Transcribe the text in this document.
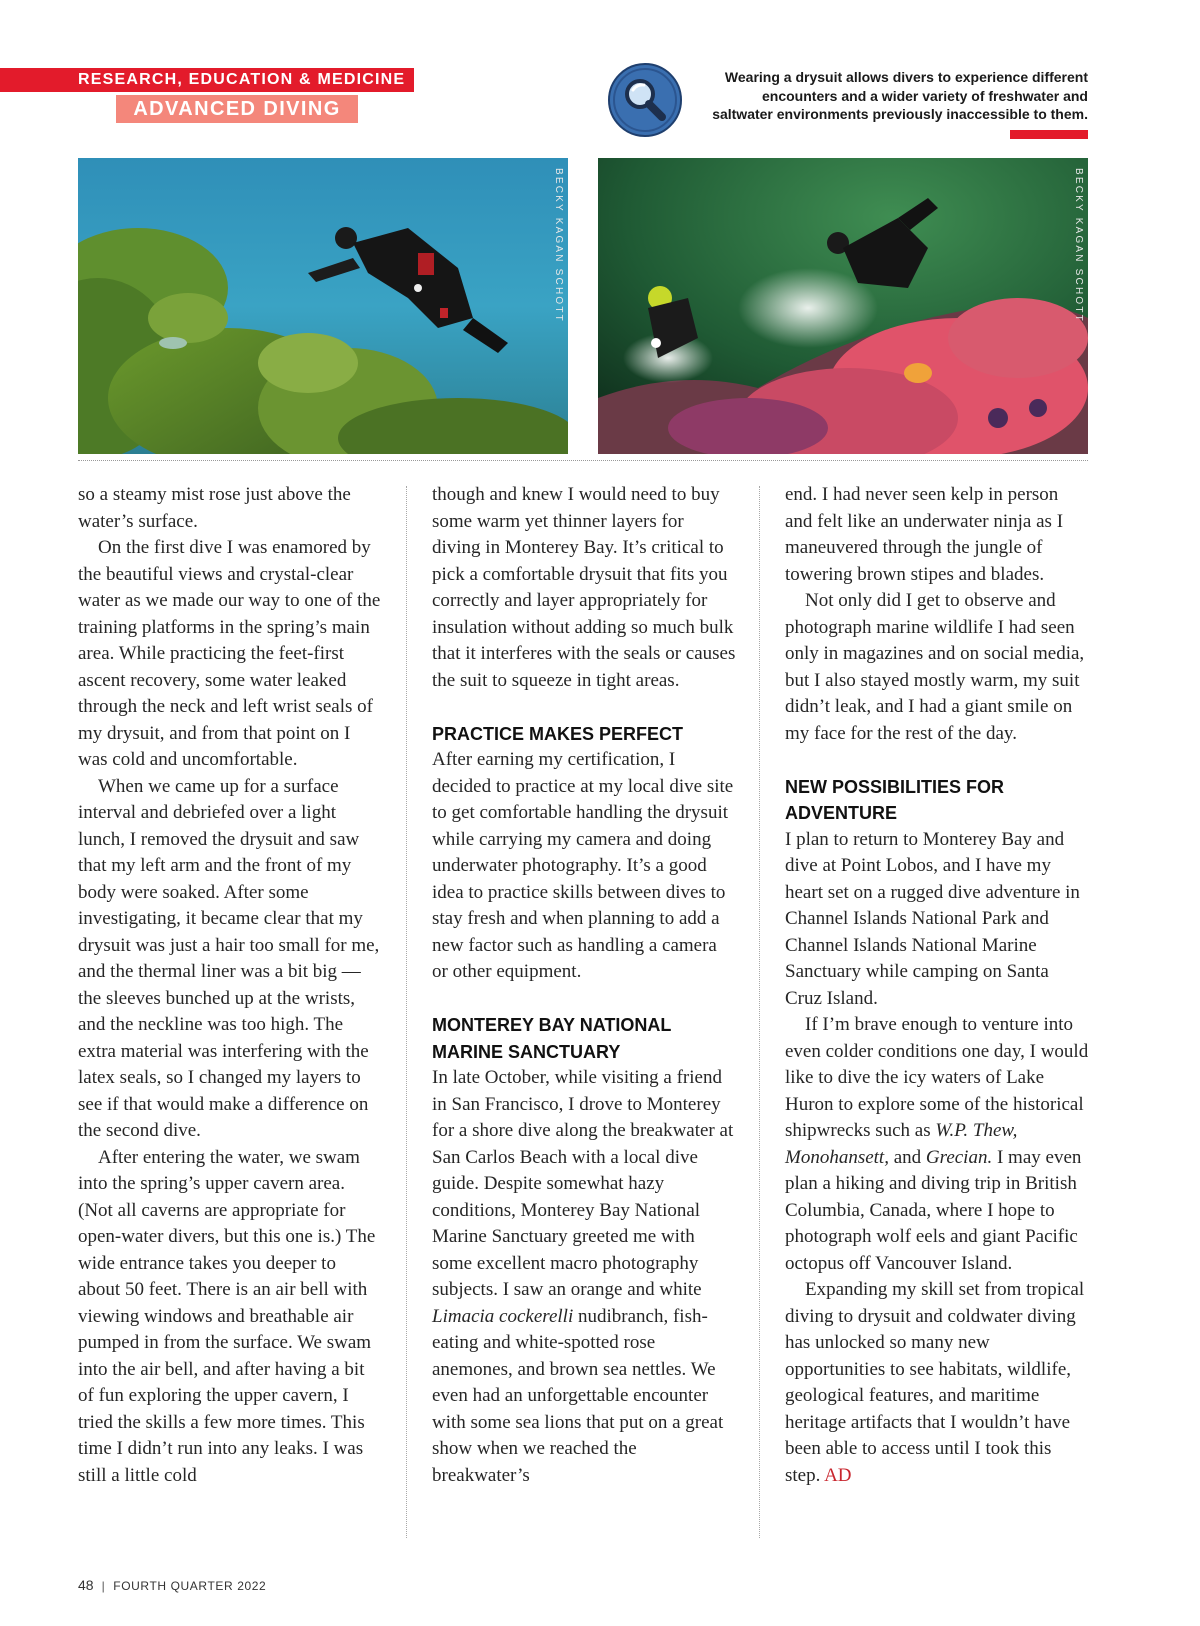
RESEARCH, EDUCATION & MEDICINE
ADVANCED DIVING
Wearing a drysuit allows divers to experience different encounters and a wider variety of freshwater and saltwater environments previously inaccessible to them.
BECKY KAGAN SCHOTT	BECKY KAGAN SCHOTT

so a steamy mist rose just above the water’s surface.

On the first dive I was enamored by the beautiful views and crystal-clear water as we made our way to one of the training platforms in the spring’s main area. While practicing the feet-first ascent recovery, some water leaked through the neck and left wrist seals of my drysuit, and from that point on I was cold and uncomfortable.

When we came up for a surface interval and debriefed over a light lunch, I removed the drysuit and saw that my left arm and the front of my body were soaked. After some investigating, it became clear that my drysuit was just a hair too small for me, and the thermal liner was a bit big — the sleeves bunched up at the wrists, and the neckline was too high. The extra material was interfering with the latex seals, so I changed my layers to see if that would make a difference on the second dive.

After entering the water, we swam into the spring’s upper cavern area. (Not all caverns are appropriate for open-water divers, but this one is.) The wide entrance takes you deeper to about 50 feet. There is an air bell with viewing windows and breathable air pumped in from the surface. We swam into the air bell, and after having a bit of fun exploring the upper cavern, I tried the skills a few more times. This time I didn’t run into any leaks. I was still a little cold

though and knew I would need to buy some warm yet thinner layers for diving in Monterey Bay. It’s critical to pick a comfortable drysuit that fits you correctly and layer appropriately for insulation without adding so much bulk that it interferes with the seals or causes the suit to squeeze in tight areas.

PRACTICE MAKES PERFECT

After earning my certification, I decided to practice at my local dive site to get comfortable handling the drysuit while carrying my camera and doing underwater photography. It’s a good idea to practice skills between dives to stay fresh and when planning to add a new factor such as handling a camera or other equipment.

MONTEREY BAY NATIONAL MARINE SANCTUARY

In late October, while visiting a friend in San Francisco, I drove to Monterey for a shore dive along the breakwater at San Carlos Beach with a local dive guide. Despite somewhat hazy conditions, Monterey Bay National Marine Sanctuary greeted me with some excellent macro photography subjects. I saw an orange and white Limacia cockerelli nudibranch, fish-eating and white-spotted rose anemones, and brown sea nettles. We even had an unforgettable encounter with some sea lions that put on a great show when we reached the breakwater’s

end. I had never seen kelp in person and felt like an underwater ninja as I maneuvered through the jungle of towering brown stipes and blades.

Not only did I get to observe and photograph marine wildlife I had seen only in magazines and on social media, but I also stayed mostly warm, my suit didn’t leak, and I had a giant smile on my face for the rest of the day.

NEW POSSIBILITIES FOR ADVENTURE

I plan to return to Monterey Bay and dive at Point Lobos, and I have my heart set on a rugged dive adventure in Channel Islands National Park and Channel Islands National Marine Sanctuary while camping on Santa Cruz Island.

If I’m brave enough to venture into even colder conditions one day, I would like to dive the icy waters of Lake Huron to explore some of the historical shipwrecks such as W.P. Thew, Monohansett, and Grecian. I may even plan a hiking and diving trip in British Columbia, Canada, where I hope to photograph wolf eels and giant Pacific octopus off Vancouver Island.

Expanding my skill set from tropical diving to drysuit and coldwater diving has unlocked so many new opportunities to see habitats, wildlife, geological features, and maritime heritage artifacts that I wouldn’t have been able to access until I took this step. AD

48 | FOURTH QUARTER 2022
